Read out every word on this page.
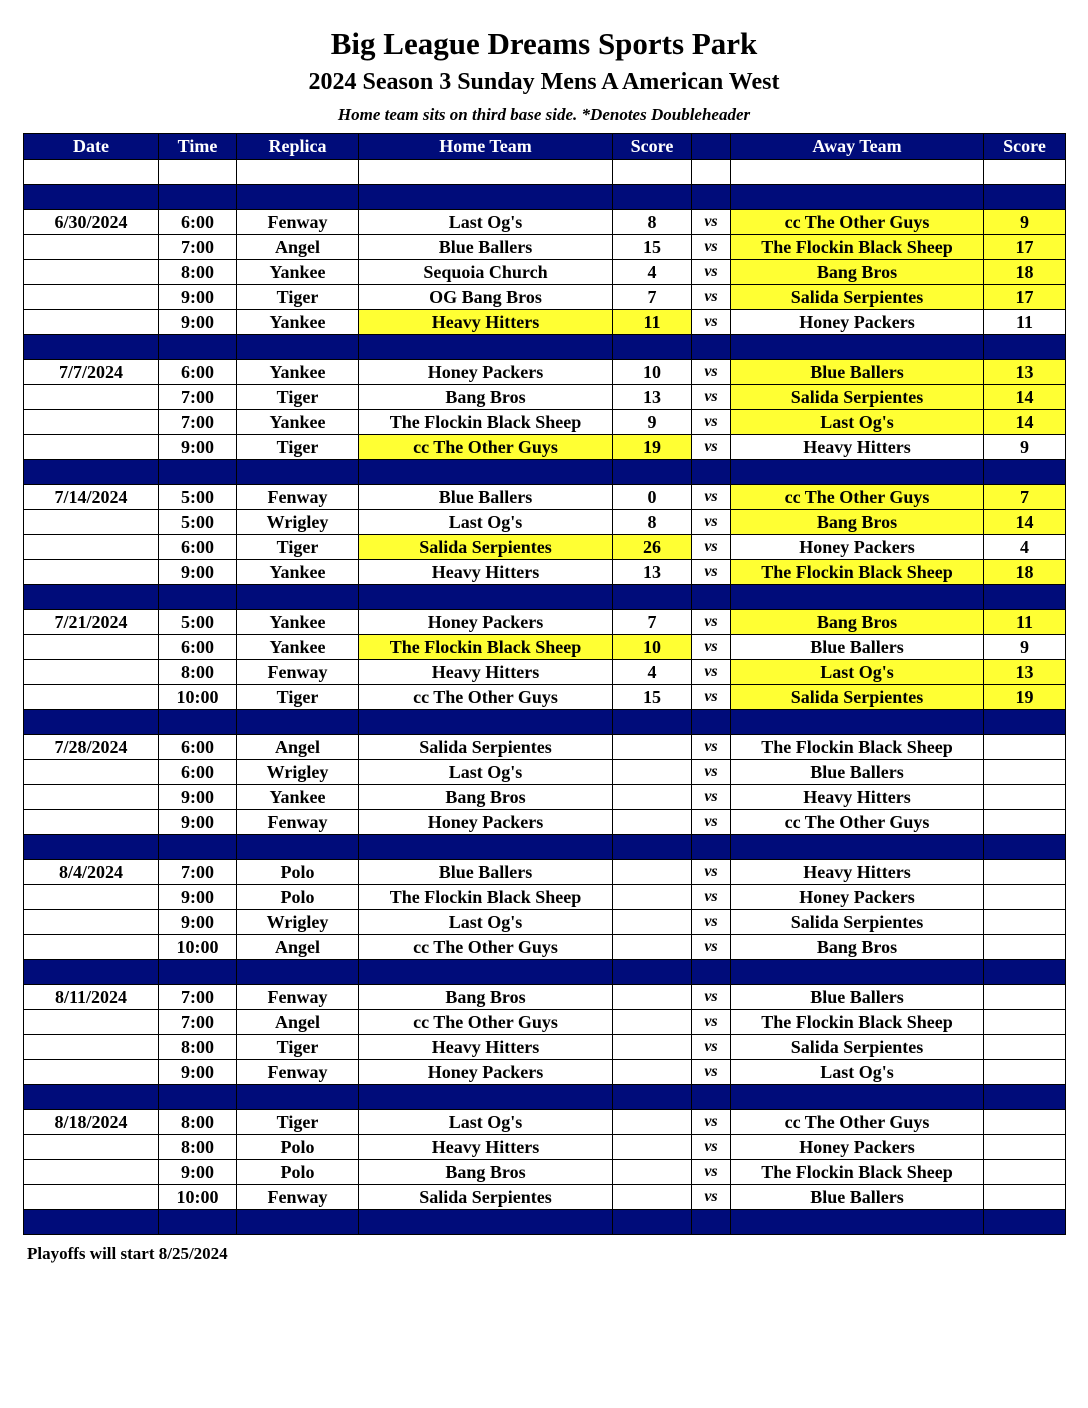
Big League Dreams Sports Park
2024 Season 3 Sunday Mens A American West
Home team sits on third base side. *Denotes Doubleheader
Date	Time	Replica	Home Team	Score		Away Team	Score

6/30/2024	6:00	Fenway	Last Og's	8	vs	cc The Other Guys	9
	7:00	Angel	Blue Ballers	15	vs	The Flockin Black Sheep	17
	8:00	Yankee	Sequoia Church	4	vs	Bang Bros	18
	9:00	Tiger	OG Bang Bros	7	vs	Salida Serpientes	17
	9:00	Yankee	Heavy Hitters	11	vs	Honey Packers	11

7/7/2024	6:00	Yankee	Honey Packers	10	vs	Blue Ballers	13
	7:00	Tiger	Bang Bros	13	vs	Salida Serpientes	14
	7:00	Yankee	The Flockin Black Sheep	9	vs	Last Og's	14
	9:00	Tiger	cc The Other Guys	19	vs	Heavy Hitters	9

7/14/2024	5:00	Fenway	Blue Ballers	0	vs	cc The Other Guys	7
	5:00	Wrigley	Last Og's	8	vs	Bang Bros	14
	6:00	Tiger	Salida Serpientes	26	vs	Honey Packers	4
	9:00	Yankee	Heavy Hitters	13	vs	The Flockin Black Sheep	18

7/21/2024	5:00	Yankee	Honey Packers	7	vs	Bang Bros	11
	6:00	Yankee	The Flockin Black Sheep	10	vs	Blue Ballers	9
	8:00	Fenway	Heavy Hitters	4	vs	Last Og's	13
	10:00	Tiger	cc The Other Guys	15	vs	Salida Serpientes	19

7/28/2024	6:00	Angel	Salida Serpientes		vs	The Flockin Black Sheep	
	6:00	Wrigley	Last Og's		vs	Blue Ballers	
	9:00	Yankee	Bang Bros		vs	Heavy Hitters	
	9:00	Fenway	Honey Packers		vs	cc The Other Guys	

8/4/2024	7:00	Polo	Blue Ballers		vs	Heavy Hitters	
	9:00	Polo	The Flockin Black Sheep		vs	Honey Packers	
	9:00	Wrigley	Last Og's		vs	Salida Serpientes	
	10:00	Angel	cc The Other Guys		vs	Bang Bros	

8/11/2024	7:00	Fenway	Bang Bros		vs	Blue Ballers	
	7:00	Angel	cc The Other Guys		vs	The Flockin Black Sheep	
	8:00	Tiger	Heavy Hitters		vs	Salida Serpientes	
	9:00	Fenway	Honey Packers		vs	Last Og's	

8/18/2024	8:00	Tiger	Last Og's		vs	cc The Other Guys	
	8:00	Polo	Heavy Hitters		vs	Honey Packers	
	9:00	Polo	Bang Bros		vs	The Flockin Black Sheep	
	10:00	Fenway	Salida Serpientes		vs	Blue Ballers	

Playoffs will start 8/25/2024
